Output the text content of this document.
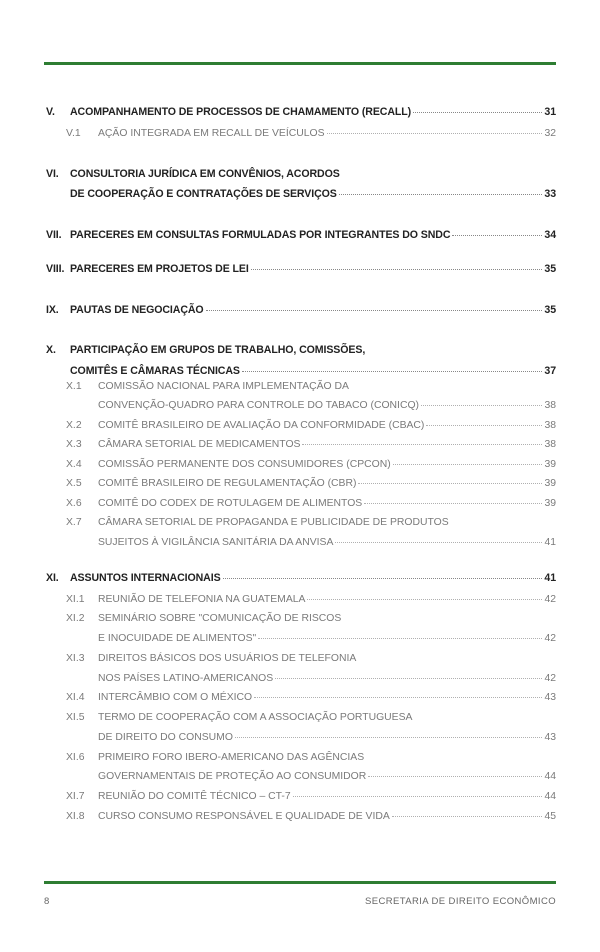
V.	ACOMPANHAMENTO DE PROCESSOS DE CHAMAMENTO (RECALL)	31
V.1	AÇÃO INTEGRADA EM RECALL DE VEÍCULOS	32
VI.	CONSULTORIA JURÍDICA EM CONVÊNIOS, ACORDOS
DE COOPERAÇÃO E CONTRATAÇÕES DE SERVIÇOS	33
VII. PARECERES EM CONSULTAS FORMULADAS POR INTEGRANTES DO SNDC	34
VIII. PARECERES EM PROJETOS DE LEI	35
IX.	PAUTAS DE NEGOCIAÇÃO	35
X.	PARTICIPAÇÃO EM GRUPOS DE TRABALHO, COMISSÕES,
COMITÊS E CÂMARAS TÉCNICAS	37
X.1	COMISSÃO NACIONAL PARA IMPLEMENTAÇÃO DA
CONVENÇÃO-QUADRO PARA CONTROLE DO TABACO (CONICQ)	38
X.2	COMITÊ BRASILEIRO DE AVALIAÇÃO DA CONFORMIDADE (CBAC)	38
X.3	CÂMARA SETORIAL DE MEDICAMENTOS	38
X.4	COMISSÃO PERMANENTE DOS CONSUMIDORES (CPCON)	39
X.5	COMITÊ BRASILEIRO DE REGULAMENTAÇÃO (CBR)	39
X.6	COMITÊ DO CODEX DE ROTULAGEM DE ALIMENTOS	39
X.7	CÂMARA SETORIAL DE PROPAGANDA E PUBLICIDADE DE PRODUTOS
SUJEITOS À VIGILÂNCIA SANITÁRIA DA ANVISA	41
XI.	ASSUNTOS INTERNACIONAIS	41
XI.1	REUNIÃO DE TELEFONIA NA GUATEMALA	42
XI.2	SEMINÁRIO SOBRE "COMUNICAÇÃO DE RISCOS
E INOCUIDADE DE ALIMENTOS"	42
XI.3	DIREITOS BÁSICOS DOS USUÁRIOS DE TELEFONIA
NOS PAÍSES LATINO-AMERICANOS	42
XI.4	INTERCÂMBIO COM O MÉXICO	43
XI.5	TERMO DE COOPERAÇÃO COM A ASSOCIAÇÃO PORTUGUESA
DE DIREITO DO CONSUMO	43
XI.6	PRIMEIRO FORO IBERO-AMERICANO DAS AGÊNCIAS
GOVERNAMENTAIS DE PROTEÇÃO AO CONSUMIDOR	44
XI.7	REUNIÃO DO COMITÊ TÉCNICO – CT-7	44
XI.8	CURSO CONSUMO RESPONSÁVEL E QUALIDADE DE VIDA	45
8	SECRETARIA DE DIREITO ECONÔMICO
